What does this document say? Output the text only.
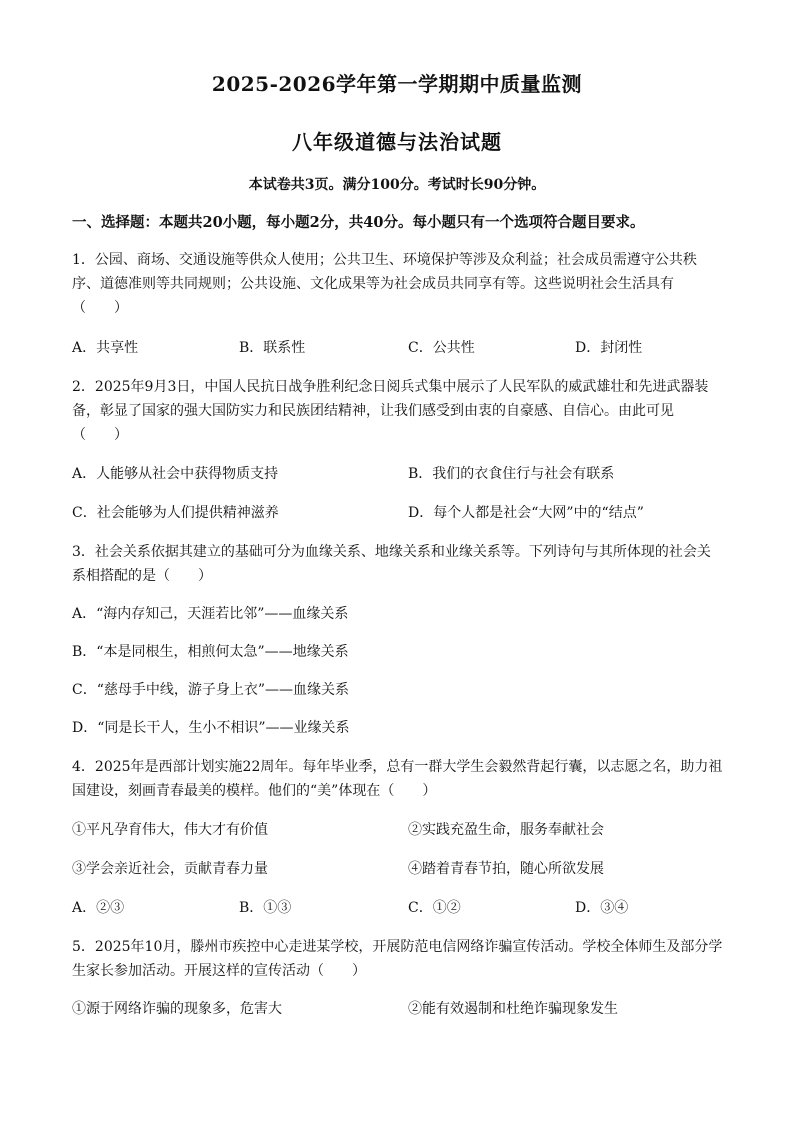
2025-2026学年第一学期期中质量监测
八年级道德与法治试题
本试卷共3页。满分100分。考试时长90分钟。
一、选择题：本题共20小题，每小题2分，共40分。每小题只有一个选项符合题目要求。
1．公园、商场、交通设施等供众人使用；公共卫生、环境保护等涉及众利益；社会成员需遵守公共秩
序、道德准则等共同规则；公共设施、文化成果等为社会成员共同享有等。这些说明社会生活具有
（　　）
A．共享性	B．联系性	C．公共性	D．封闭性
2．2025年9月3日，中国人民抗日战争胜利纪念日阅兵式集中展示了人民军队的威武雄壮和先进武器装
备，彰显了国家的强大国防实力和民族团结精神，让我们感受到由衷的自豪感、自信心。由此可见
（　　）
A．人能够从社会中获得物质支持	B．我们的衣食住行与社会有联系
C．社会能够为人们提供精神滋养	D．每个人都是社会“大网”中的“结点”
3．社会关系依据其建立的基础可分为血缘关系、地缘关系和业缘关系等。下列诗句与其所体现的社会关
系相搭配的是（　　）
A．“海内存知己，天涯若比邻”——血缘关系
B．“本是同根生，相煎何太急”——地缘关系
C．“慈母手中线，游子身上衣”——血缘关系
D．“同是长干人，生小不相识”——业缘关系
4．2025年是西部计划实施22周年。每年毕业季，总有一群大学生会毅然背起行囊，以志愿之名，助力祖
国建设，刻画青春最美的模样。他们的“美”体现在（　　）
①平凡孕育伟大，伟大才有价值	②实践充盈生命，服务奉献社会
③学会亲近社会，贡献青春力量	④踏着青春节拍，随心所欲发展
A．②③	B．①③	C．①②	D．③④
5．2025年10月，滕州市疾控中心走进某学校，开展防范电信网络诈骗宣传活动。学校全体师生及部分学
生家长参加活动。开展这样的宣传活动（　　）
①源于网络诈骗的现象多，危害大	②能有效遏制和杜绝诈骗现象发生
